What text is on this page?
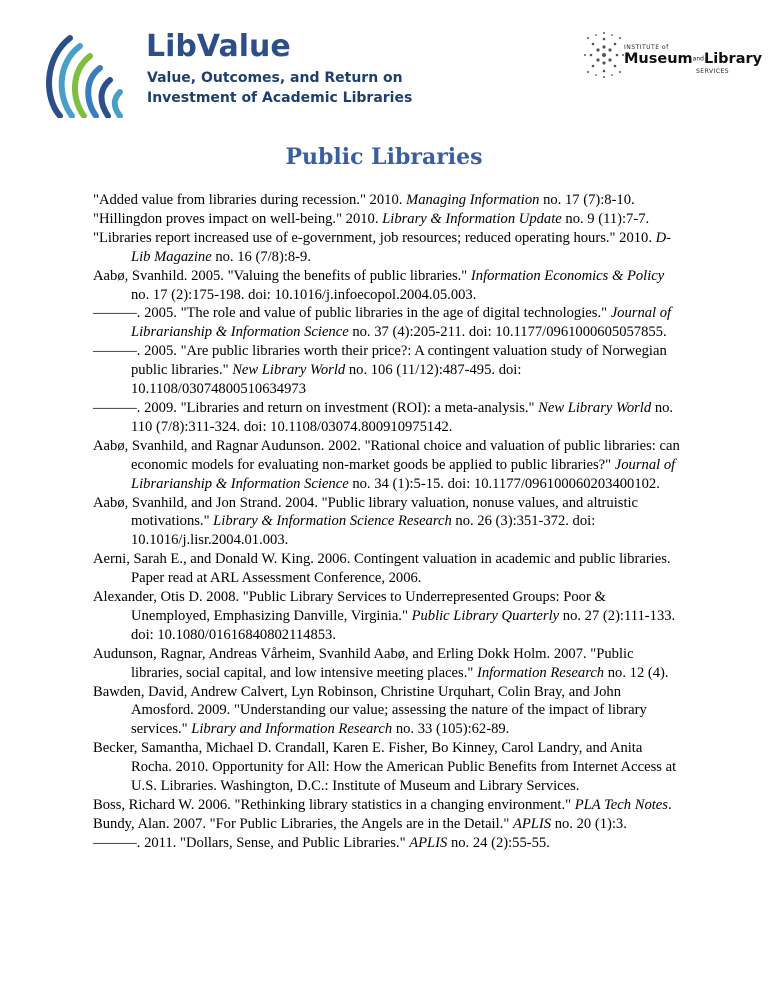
LibValue
Value, Outcomes, and Return on
Investment of Academic Libraries
INSTITUTE of
MuseumandLibrary
SERVICES
Public Libraries

"Added value from libraries during recession." 2010. Managing Information no. 17 (7):8-10.

"Hillingdon proves impact on well-being." 2010. Library & Information Update no. 9 (11):7-7.

"Libraries report increased use of e-government, job resources; reduced operating hours." 2010. D-Lib Magazine no. 16 (7/8):8-9.

Aabø, Svanhild. 2005. "Valuing the benefits of public libraries." Information Economics & Policy no. 17 (2):175-198. doi: 10.1016/j.infoecopol.2004.05.003.

———. 2005. "The role and value of public libraries in the age of digital technologies." Journal of Librarianship & Information Science no. 37 (4):205-211. doi: 10.1177/0961000605057855.

———. 2005. "Are public libraries worth their price?: A contingent valuation study of Norwegian public libraries." New Library World no. 106 (11/12):487-495. doi: 10.1108/03074800510634973

———. 2009. "Libraries and return on investment (ROI): a meta-analysis." New Library World no. 110 (7/8):311-324. doi: 10.1108/03074.800910975142.

Aabø, Svanhild, and Ragnar Audunson. 2002. "Rational choice and valuation of public libraries: can economic models for evaluating non-market goods be applied to public libraries?" Journal of Librarianship & Information Science no. 34 (1):5-15. doi: 10.1177/096100060203400102.

Aabø, Svanhild, and Jon Strand. 2004. "Public library valuation, nonuse values, and altruistic motivations." Library & Information Science Research no. 26 (3):351-372. doi: 10.1016/j.lisr.2004.01.003.

Aerni, Sarah E., and Donald W. King. 2006. Contingent valuation in academic and public libraries. Paper read at ARL Assessment Conference, 2006.

Alexander, Otis D. 2008. "Public Library Services to Underrepresented Groups: Poor & Unemployed, Emphasizing Danville, Virginia." Public Library Quarterly no. 27 (2):111-133. doi: 10.1080/01616840802114853.

Audunson, Ragnar, Andreas Vårheim, Svanhild Aabø, and Erling Dokk Holm. 2007. "Public libraries, social capital, and low intensive meeting places." Information Research no. 12 (4).

Bawden, David, Andrew Calvert, Lyn Robinson, Christine Urquhart, Colin Bray, and John Amosford. 2009. "Understanding our value; assessing the nature of the impact of library services." Library and Information Research no. 33 (105):62-89.

Becker, Samantha, Michael D. Crandall, Karen E. Fisher, Bo Kinney, Carol Landry, and Anita Rocha. 2010. Opportunity for All: How the American Public Benefits from Internet Access at U.S. Libraries. Washington, D.C.: Institute of Museum and Library Services.

Boss, Richard W. 2006. "Rethinking library statistics in a changing environment." PLA Tech Notes.

Bundy, Alan. 2007. "For Public Libraries, the Angels are in the Detail." APLIS no. 20 (1):3.

———. 2011. "Dollars, Sense, and Public Libraries." APLIS no. 24 (2):55-55.
